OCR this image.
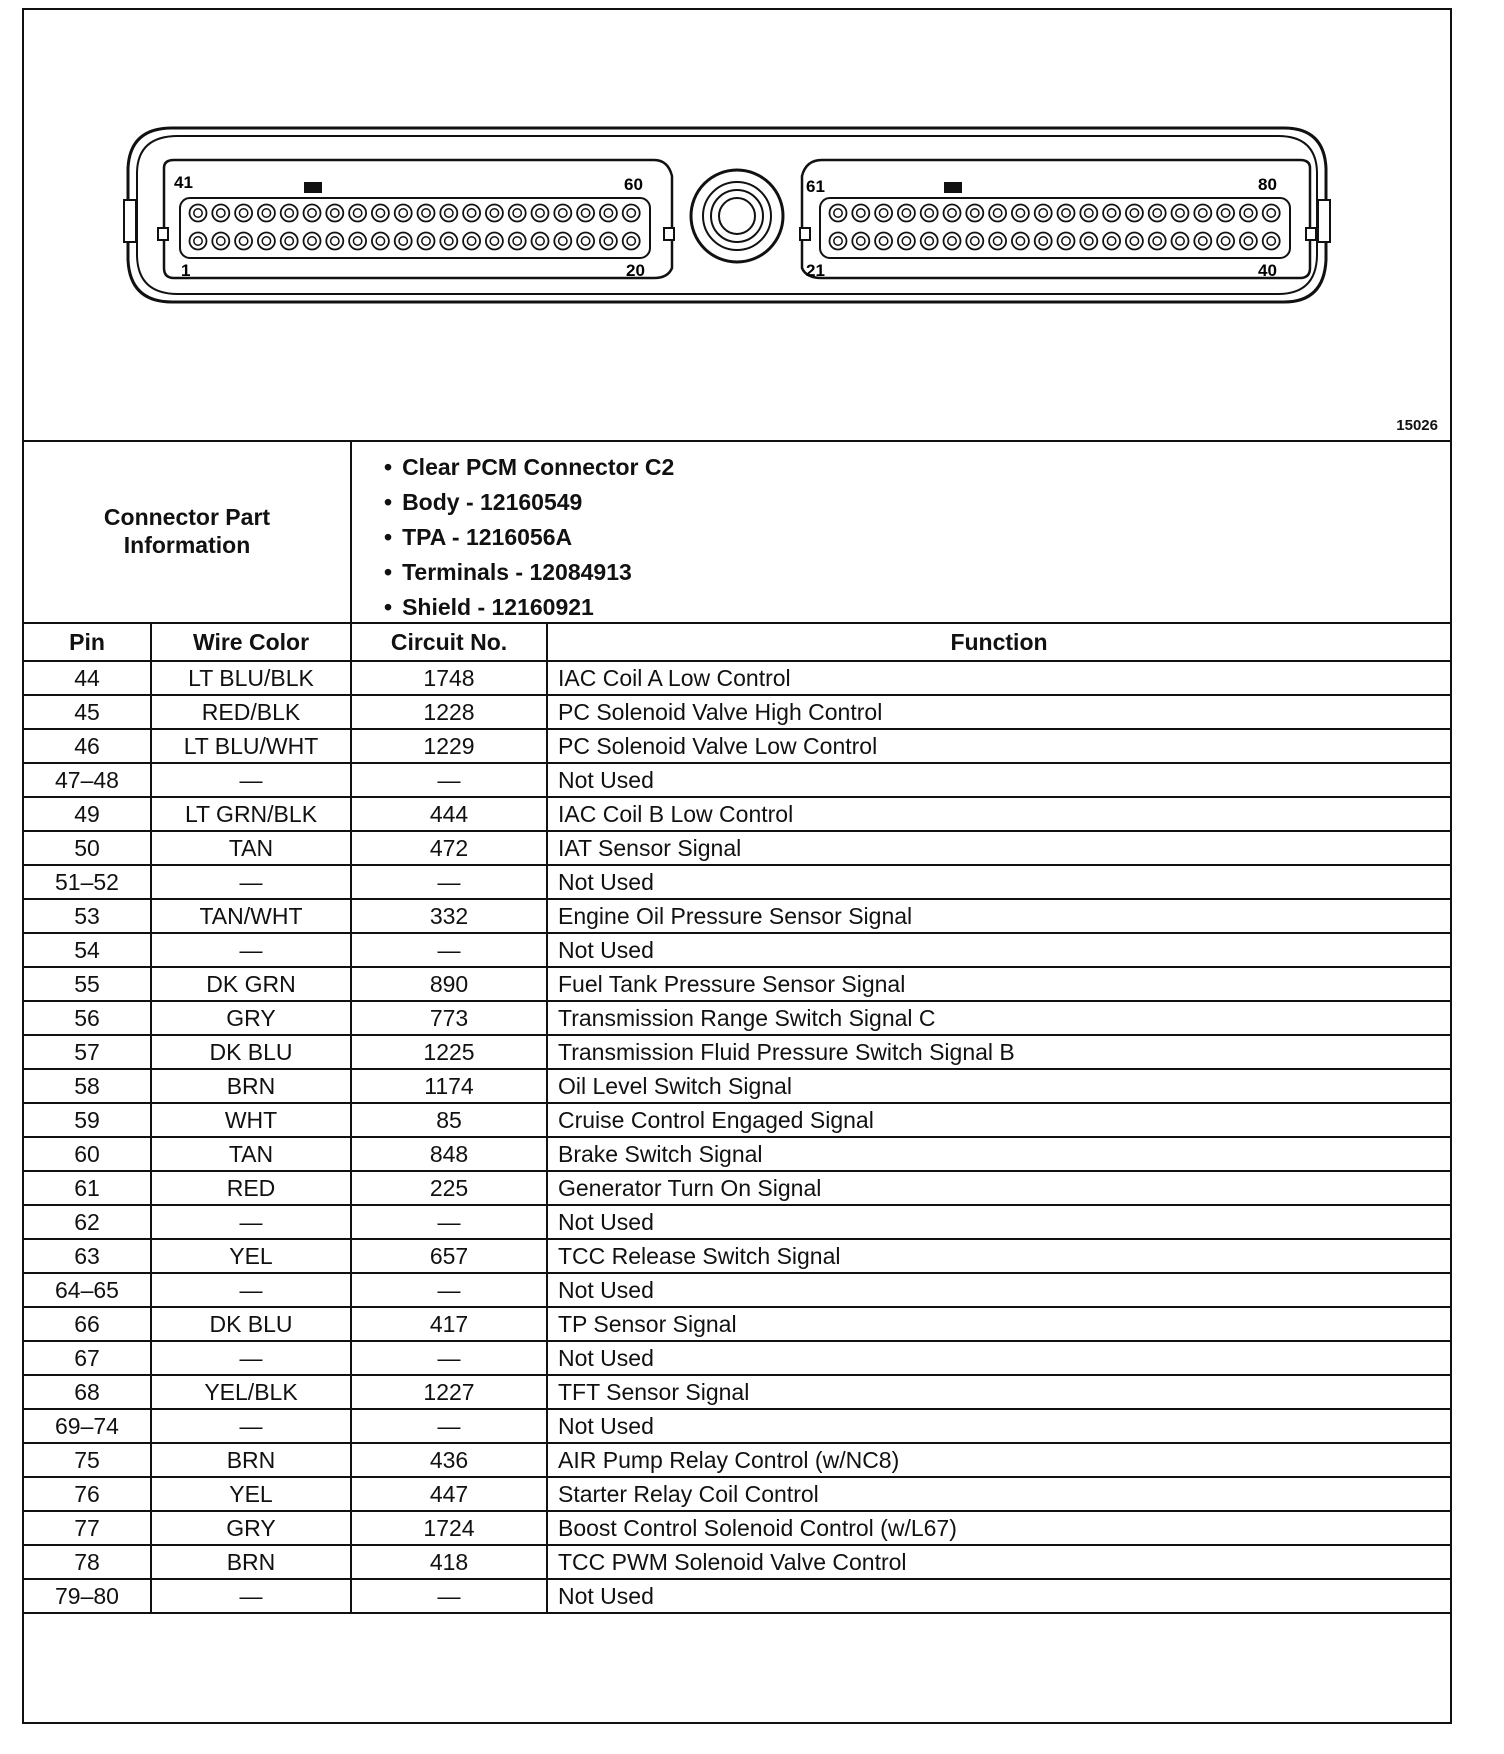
41	60
1	20
61	80
21	40
15026
Connector Part Information
• Clear PCM Connector C2
• Body - 12160549
• TPA - 1216056A
• Terminals - 12084913
• Shield - 12160921
Pin	Wire Color	Circuit No.	Function
44	LT BLU/BLK	1748	IAC Coil A Low Control
45	RED/BLK	1228	PC Solenoid Valve High Control
46	LT BLU/WHT	1229	PC Solenoid Valve Low Control
47–48	—	—	Not Used
49	LT GRN/BLK	444	IAC Coil B Low Control
50	TAN	472	IAT Sensor Signal
51–52	—	—	Not Used
53	TAN/WHT	332	Engine Oil Pressure Sensor Signal
54	—	—	Not Used
55	DK GRN	890	Fuel Tank Pressure Sensor Signal
56	GRY	773	Transmission Range Switch Signal C
57	DK BLU	1225	Transmission Fluid Pressure Switch Signal B
58	BRN	1174	Oil Level Switch Signal
59	WHT	85	Cruise Control Engaged Signal
60	TAN	848	Brake Switch Signal
61	RED	225	Generator Turn On Signal
62	—	—	Not Used
63	YEL	657	TCC Release Switch Signal
64–65	—	—	Not Used
66	DK BLU	417	TP Sensor Signal
67	—	—	Not Used
68	YEL/BLK	1227	TFT Sensor Signal
69–74	—	—	Not Used
75	BRN	436	AIR Pump Relay Control (w/NC8)
76	YEL	447	Starter Relay Coil Control
77	GRY	1724	Boost Control Solenoid Control (w/L67)
78	BRN	418	TCC PWM Solenoid Valve Control
79–80	—	—	Not Used
